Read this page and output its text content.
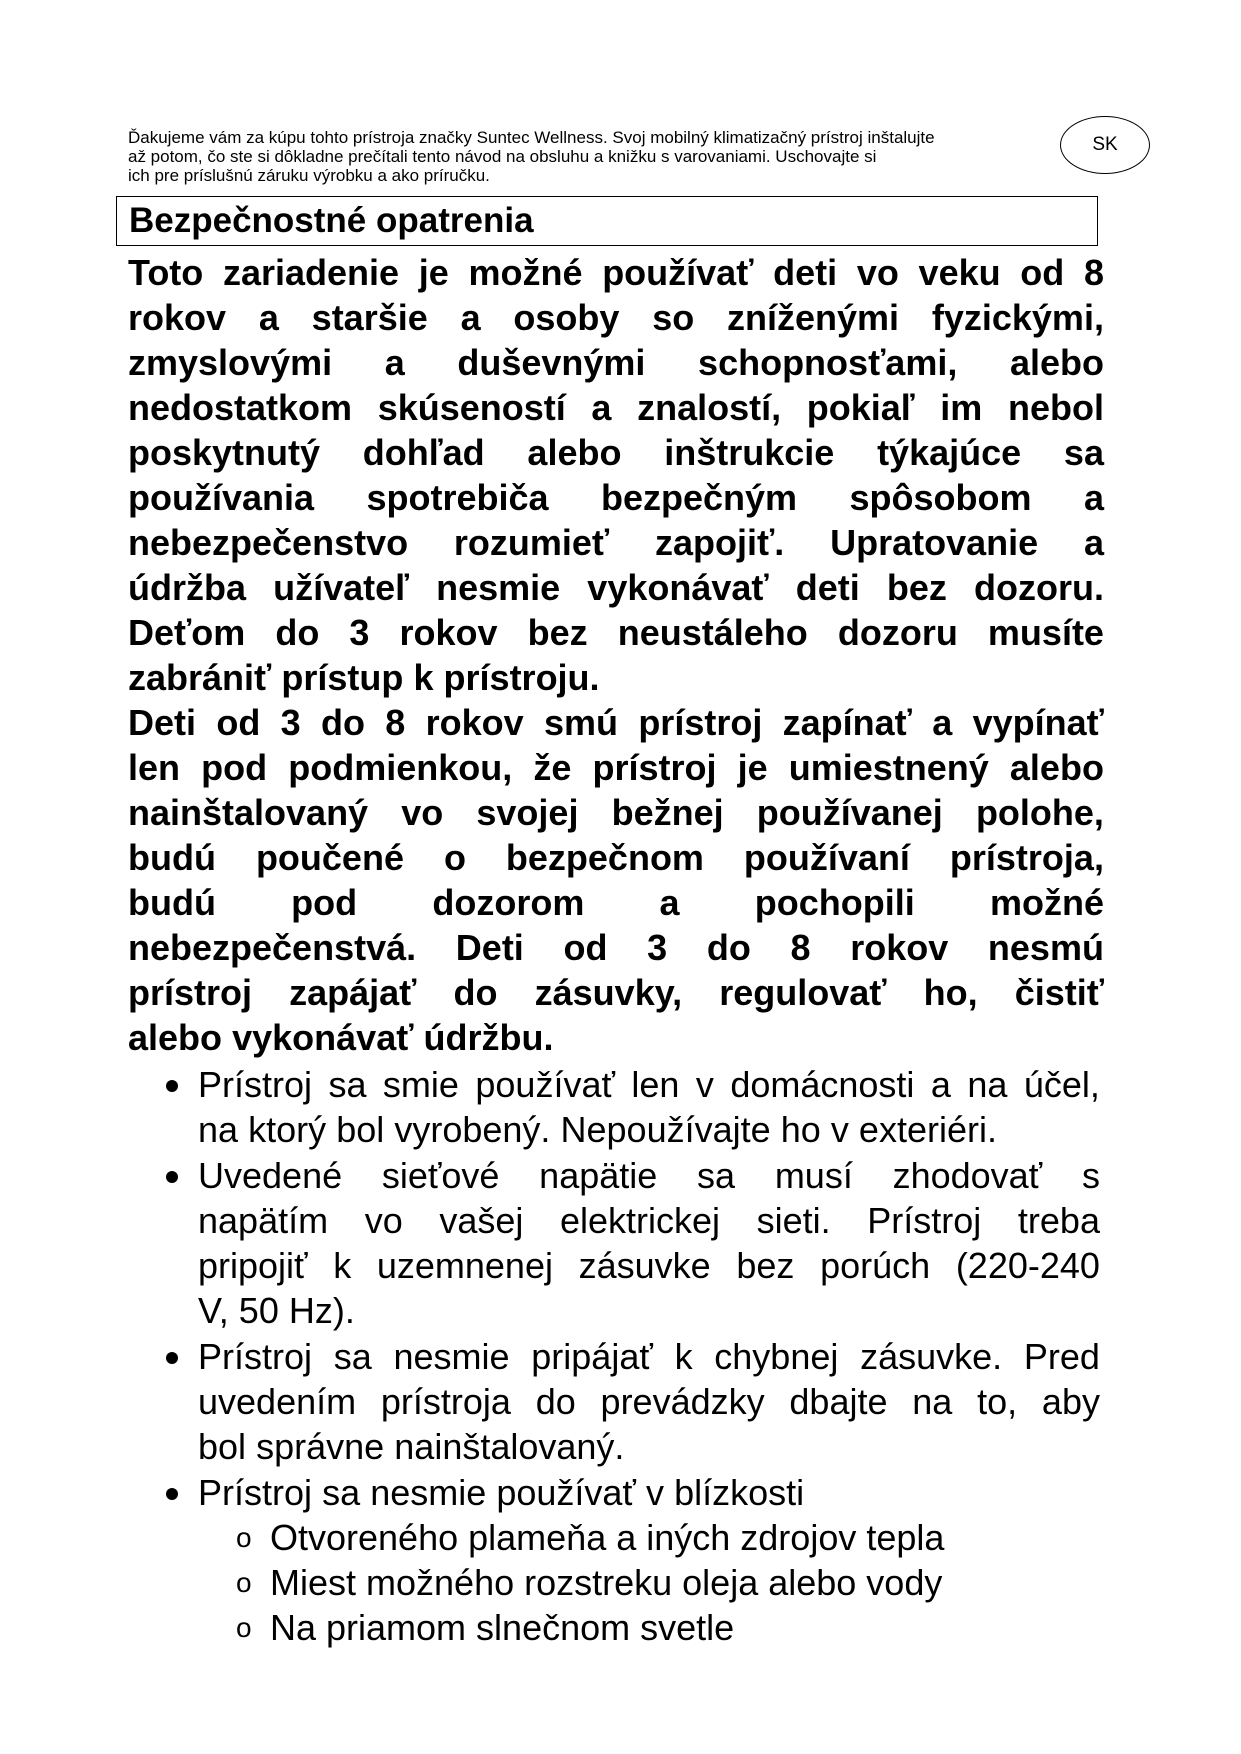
Ďakujeme vám za kúpu tohto prístroja značky Suntec Wellness. Svoj mobilný klimatizačný prístroj inštalujte
až potom, čo ste si dôkladne prečítali tento návod na obsluhu a knižku s varovaniami. Uschovajte si
ich pre príslušnú záruku výrobku a ako príručku.
SK
Bezpečnostné opatrenia
Toto zariadenie je možné používať deti vo veku od 8
rokov a staršie a osoby so zníženými fyzickými,
zmyslovými a duševnými schopnosťami, alebo
nedostatkom skúseností a znalostí, pokiaľ im nebol
poskytnutý dohľad alebo inštrukcie týkajúce sa
používania spotrebiča bezpečným spôsobom a
nebezpečenstvo rozumieť zapojiť. Upratovanie a
údržba užívateľ nesmie vykonávať deti bez dozoru.
Deťom do 3 rokov bez neustáleho dozoru musíte
zabrániť prístup k prístroju.
Deti od 3 do 8 rokov smú prístroj zapínať a vypínať
len pod podmienkou, že prístroj je umiestnený alebo
nainštalovaný vo svojej bežnej používanej polohe,
budú poučené o bezpečnom používaní prístroja,
budú pod dozorom a pochopili možné
nebezpečenstvá. Deti od 3 do 8 rokov nesmú
prístroj zapájať do zásuvky, regulovať ho, čistiť
alebo vykonávať údržbu.
Prístroj sa smie používať len v domácnosti a na účel,
na ktorý bol vyrobený. Nepoužívajte ho v exteriéri.
Uvedené sieťové napätie sa musí zhodovať s
napätím vo vašej elektrickej sieti. Prístroj treba
pripojiť k uzemnenej zásuvke bez porúch (220-240
V, 50 Hz).
Prístroj sa nesmie pripájať k chybnej zásuvke. Pred
uvedením prístroja do prevádzky dbajte na to, aby
bol správne nainštalovaný.
Prístroj sa nesmie používať v blízkosti
o Otvoreného plameňa a iných zdrojov tepla
o Miest možného rozstreku oleja alebo vody
o Na priamom slnečnom svetle
